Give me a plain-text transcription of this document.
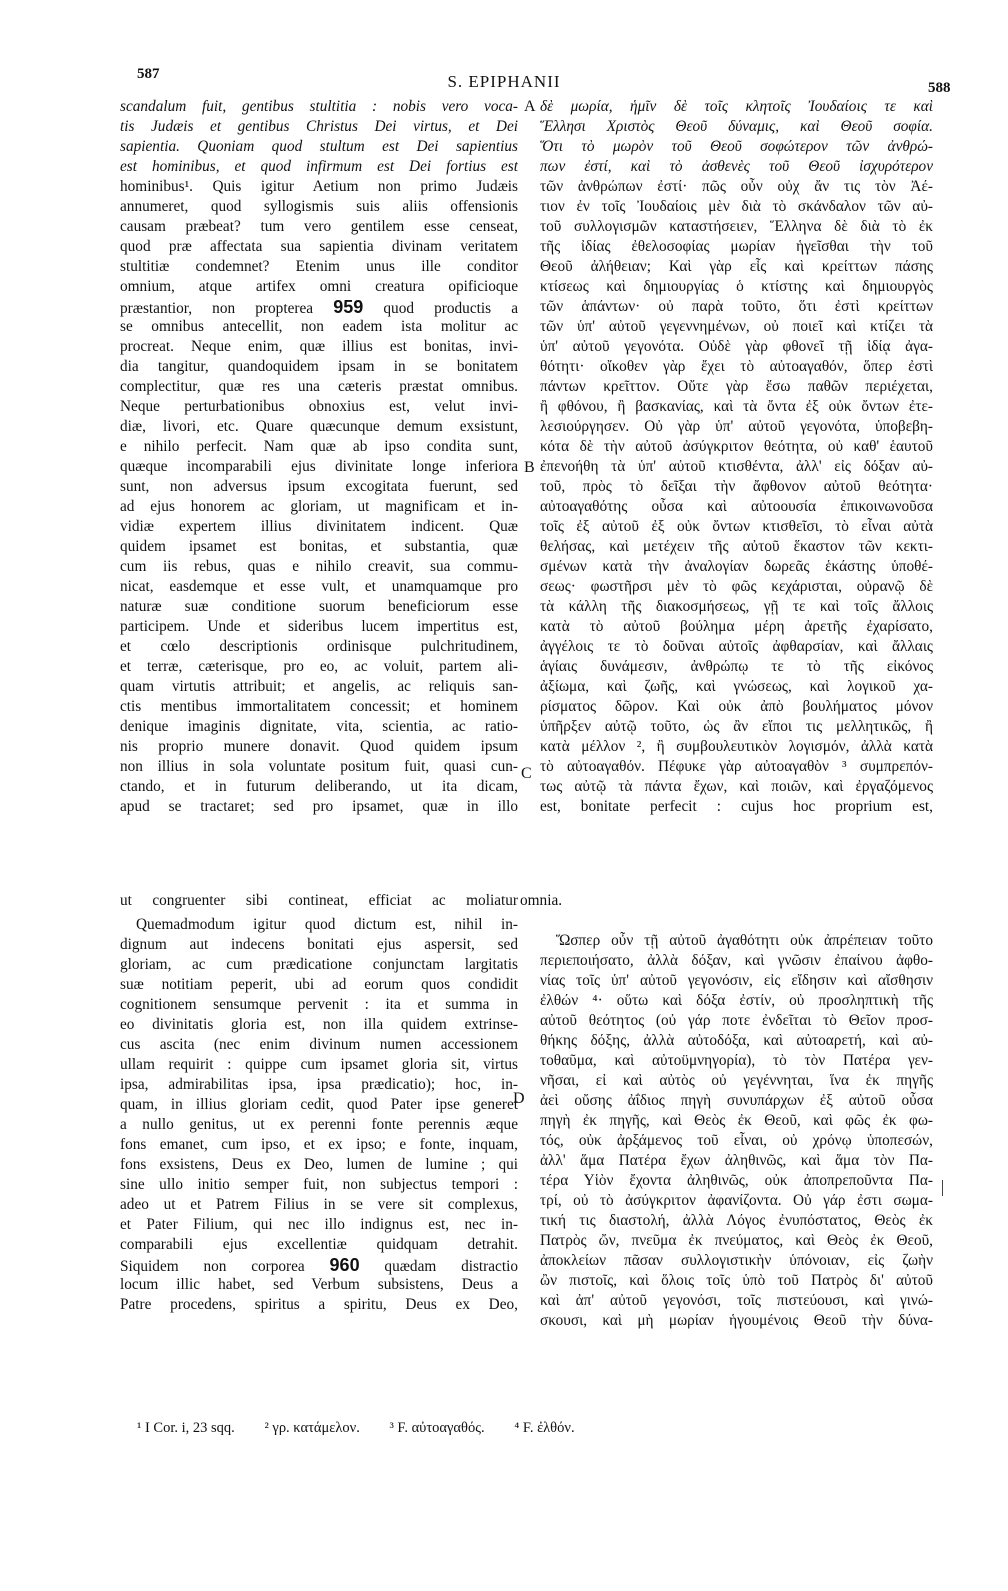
587	S. EPIPHANII	588
A
B
C
D
scandalum fuit, gentibus stultitia : nobis vero voca-
tis Judæis et gentibus Christus Dei virtus, et Dei
sapientia. Quoniam quod stultum est Dei sapientius
est hominibus, et quod infirmum est Dei fortius est
hominibus¹. Quis igitur Aetium non primo Judæis
annumeret, quod syllogismis suis aliis offensionis
causam præbeat? tum vero gentilem esse censeat,
quod præ affectata sua sapientia divinam veritatem
stultitiæ condemnet? Etenim unus ille conditor
omnium, atque artifex omni creatura opificioque
præstantior, non propterea 959 quod productis a
se omnibus antecellit, non eadem ista molitur ac
procreat. Neque enim, quæ illius est bonitas, invi-
dia tangitur, quandoquidem ipsam in se bonitatem
complectitur, quæ res una cæteris præstat omnibus.
Neque perturbationibus obnoxius est, velut invi-
diæ, livori, etc. Quare quæcunque demum exsistunt,
e nihilo perfecit. Nam quæ ab ipso condita sunt,
quæque incomparabili ejus divinitate longe inferiora
sunt, non adversus ipsum excogitata fuerunt, sed
ad ejus honorem ac gloriam, ut magnificam et in-
vidiæ expertem illius divinitatem indicent. Quæ
quidem ipsamet est bonitas, et substantia, quæ
cum iis rebus, quas e nihilo creavit, sua commu-
nicat, easdemque et esse vult, et unamquamque pro
naturæ suæ conditione suorum beneficiorum esse
participem. Unde et sideribus lucem impertitus est,
et cœlo descriptionis ordinisque pulchritudinem,
et terræ, cæterisque, pro eo, ac voluit, partem ali-
quam virtutis attribuit; et angelis, ac reliquis san-
ctis mentibus immortalitatem concessit; et hominem
denique imaginis dignitate, vita, scientia, ac ratio-
nis proprio munere donavit. Quod quidem ipsum
non illius in sola voluntate positum fuit, quasi cun-
ctando, et in futurum deliberando, ut ita dicam,
apud se tractaret; sed pro ipsamet, quæ in illo
δὲ μωρία, ἡμῖν δὲ τοῖς κλητοῖς Ἰουδαίοις τε καὶ
Ἕλλησι Χριστὸς Θεοῦ δύναμις, καὶ Θεοῦ σοφία.
Ὅτι τὸ μωρὸν τοῦ Θεοῦ σοφώτερον τῶν ἀνθρώ-
πων ἐστί, καὶ τὸ ἀσθενὲς τοῦ Θεοῦ ἰσχυρότερον
τῶν ἀνθρώπων ἐστί· πῶς οὖν οὐχ ἄν τις τὸν Ἀέ-
τιον ἐν τοῖς Ἰουδαίοις μὲν διὰ τὸ σκάνδαλον τῶν αὐ-
τοῦ συλλογισμῶν καταστήσειεν, Ἕλληνα δὲ διὰ τὸ ἐκ
τῆς ἰδίας ἐθελοσοφίας μωρίαν ἡγεῖσθαι τὴν τοῦ
Θεοῦ ἀλήθειαν; Καὶ γὰρ εἷς καὶ κρείττων πάσης
κτίσεως καὶ δημιουργίας ὁ κτίστης καὶ δημιουργὸς
τῶν ἁπάντων· οὐ παρὰ τοῦτο, ὅτι ἐστὶ κρείττων
τῶν ὑπ' αὐτοῦ γεγεννημένων, οὐ ποιεῖ καὶ κτίζει τὰ
ὑπ' αὐτοῦ γεγονότα. Οὐδὲ γὰρ φθονεῖ τῇ ἰδίᾳ ἀγα-
θότητι· οἴκοθεν γὰρ ἔχει τὸ αὐτοαγαθόν, ὅπερ ἐστὶ
πάντων κρεῖττον. Οὔτε γὰρ ἔσω παθῶν περιέχεται,
ἢ φθόνου, ἢ βασκανίας, καὶ τὰ ὄντα ἐξ οὐκ ὄντων ἐτε-
λεσιούργησεν. Οὐ γὰρ ὑπ' αὐτοῦ γεγονότα, ὑποβεβη-
κότα δὲ τὴν αὐτοῦ ἀσύγκριτον θεότητα, οὐ καθ' ἑαυτοῦ
ἐπενοήθη τὰ ὑπ' αὐτοῦ κτισθέντα, ἀλλ' εἰς δόξαν αὐ-
τοῦ, πρὸς τὸ δεῖξαι τὴν ἄφθονον αὐτοῦ θεότητα·
αὐτοαγαθότης οὖσα καὶ αὐτοουσία ἐπικοινωνοῦσα
τοῖς ἐξ αὐτοῦ ἐξ οὐκ ὄντων κτισθεῖσι, τὸ εἶναι αὐτὰ
θελήσας, καὶ μετέχειν τῆς αὐτοῦ ἕκαστον τῶν κεκτι-
σμένων κατὰ τὴν ἀναλογίαν δωρεᾶς ἑκάστης ὑποθέ-
σεως· φωστῆρσι μὲν τὸ φῶς κεχάρισται, οὐρανῷ δὲ
τὰ κάλλη τῆς διακοσμήσεως, γῇ τε καὶ τοῖς ἄλλοις
κατὰ τὸ αὐτοῦ βούλημα μέρη ἀρετῆς ἐχαρίσατο,
ἀγγέλοις τε τὸ δοῦναι αὐτοῖς ἀφθαρσίαν, καὶ ἄλλαις
ἁγίαις δυνάμεσιν, ἀνθρώπῳ τε τὸ τῆς εἰκόνος
ἀξίωμα, καὶ ζωῆς, καὶ γνώσεως, καὶ λογικοῦ χα-
ρίσματος δῶρον. Καὶ οὐκ ἀπὸ βουλήματος μόνον
ὑπῆρξεν αὐτῷ τοῦτο, ὡς ἂν εἴποι τις μελλητικῶς, ἢ
κατὰ μέλλον ², ἢ συμβουλευτικὸν λογισμόν, ἀλλὰ κατὰ
τὸ αὐτοαγαθόν. Πέφυκε γὰρ αὐτοαγαθὸν ³ συμπρεπόν-
τως αὐτῷ τὰ πάντα ἔχων, καὶ ποιῶν, καὶ ἐργαζόμενος
est, bonitate perfecit : cujus hoc proprium est,
ut congruenter sibi contineat, efficiat ac moliatur omnia.
Quemadmodum igitur quod dictum est, nihil in-
dignum aut indecens bonitati ejus aspersit, sed
gloriam, ac cum prædicatione conjunctam largitatis
suæ notitiam peperit, ubi ad eorum quos condidit
cognitionem sensumque pervenit : ita et summa in
eo divinitatis gloria est, non illa quidem extrinse-
cus ascita (nec enim divinum numen accessionem
ullam requirit : quippe cum ipsamet gloria sit, virtus
ipsa, admirabilitas ipsa, ipsa prædicatio); hoc, in-
quam, in illius gloriam cedit, quod Pater ipse generet
a nullo genitus, ut ex perenni fonte perennis æque
fons emanet, cum ipso, et ex ipso; e fonte, inquam,
fons exsistens, Deus ex Deo, lumen de lumine ; qui
sine ullo initio semper fuit, non subjectus tempori :
adeo ut et Patrem Filius in se vere sit complexus,
et Pater Filium, qui nec illo indignus est, nec in-
comparabili ejus excellentiæ quidquam detrahit.
Siquidem non corporea 960 quædam distractio
locum illic habet, sed Verbum subsistens, Deus a
Patre procedens, spiritus a spiritu, Deus ex Deo,
Ὥσπερ οὖν τῇ αὐτοῦ ἀγαθότητι οὐκ ἀπρέπειαν τοῦτο
περιεποιήσατο, ἀλλὰ δόξαν, καὶ γνῶσιν ἐπαίνου ἀφθο-
νίας τοῖς ὑπ' αὐτοῦ γεγονόσιν, εἰς εἴδησιν καὶ αἴσθησιν
ἐλθών ⁴· οὕτω καὶ δόξα ἐστίν, οὐ προσληπτικὴ τῆς
αὐτοῦ θεότητος (οὐ γάρ ποτε ἐνδεῖται τὸ Θεῖον προσ-
θήκης δόξης, ἀλλὰ αὐτοδόξα, καὶ αὐτοαρετή, καὶ αὐ-
τοθαῦμα, καὶ αὐτοϋμνηγορία), τὸ τὸν Πατέρα γεν-
νῆσαι, εἰ καὶ αὐτὸς οὐ γεγέννηται, ἵνα ἐκ πηγῆς
ἀεὶ οὔσης ἀΐδιος πηγὴ συνυπάρχων ἐξ αὐτοῦ οὖσα
πηγὴ ἐκ πηγῆς, καὶ Θεὸς ἐκ Θεοῦ, καὶ φῶς ἐκ φω-
τός, οὐκ ἀρξάμενος τοῦ εἶναι, οὐ χρόνῳ ὑποπεσών,
ἀλλ' ἅμα Πατέρα ἔχων ἀληθινῶς, καὶ ἅμα τὸν Πα-
τέρα Υἱὸν ἔχοντα ἀληθινῶς, οὐκ ἀποπρεποῦντα Πα-
τρί, οὐ τὸ ἀσύγκριτον ἀφανίζοντα. Οὐ γάρ ἐστι σωμα-
τική τις διαστολή, ἀλλὰ Λόγος ἐνυπόστατος, Θεὸς ἐκ
Πατρὸς ὤν, πνεῦμα ἐκ πνεύματος, καὶ Θεὸς ἐκ Θεοῦ,
ἀποκλείων πᾶσαν συλλογιστικὴν ὑπόνοιαν, εἰς ζωὴν
ὢν πιστοῖς, καὶ ὅλοις τοῖς ὑπὸ τοῦ Πατρὸς δι' αὐτοῦ
καὶ ἀπ' αὐτοῦ γεγονόσι, τοῖς πιστεύουσι, καὶ γινώ-
σκουσι, καὶ μὴ μωρίαν ἡγουμένοις Θεοῦ τὴν δύνα-
¹ I Cor. i, 23 sqq. ² γρ. κατάμελον. ³ F. αὐτοαγαθός. ⁴ F. ἐλθόν.
